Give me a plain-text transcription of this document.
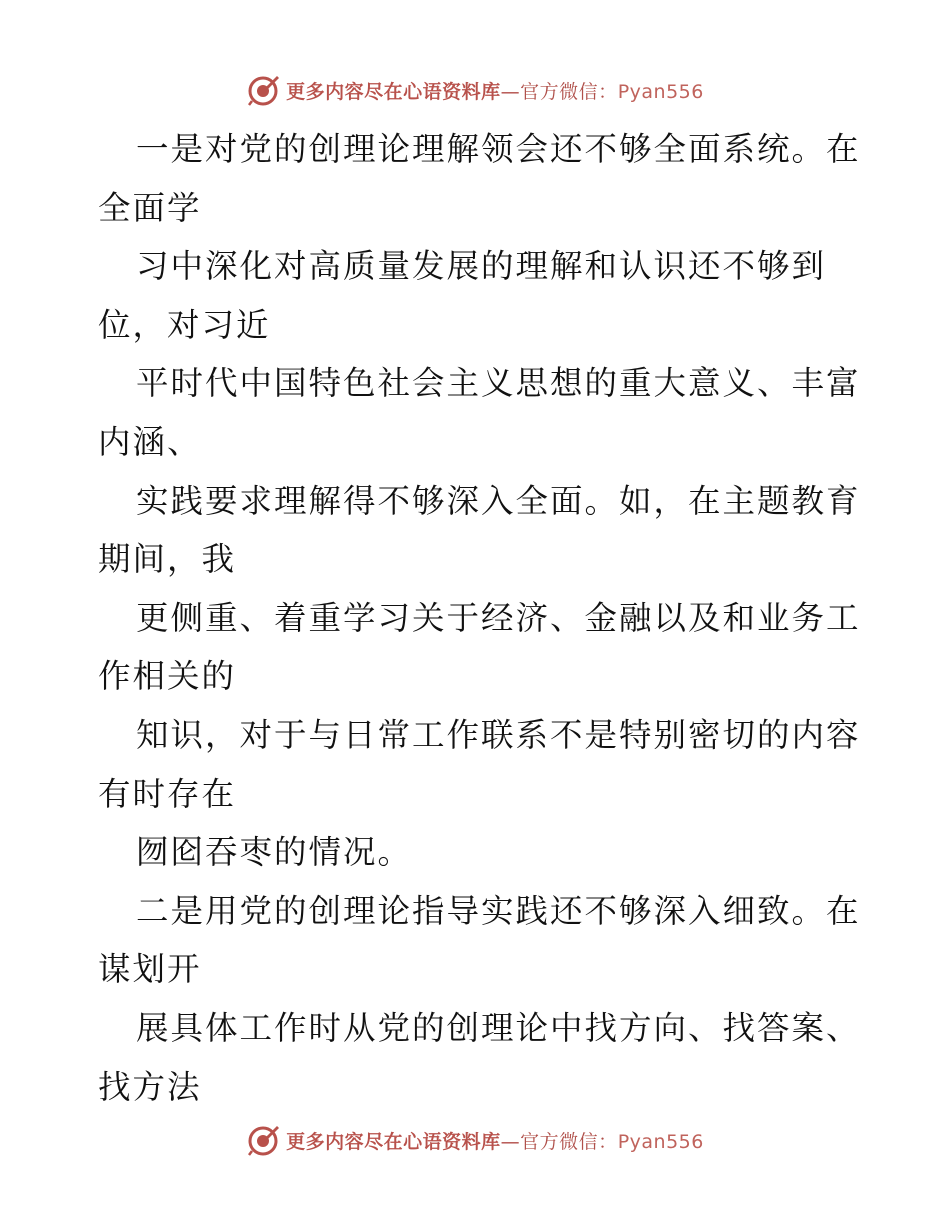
更多内容尽在心语资料库—官方微信：Pyan556
一是对党的创理论理解领会还不够全面系统。在
全面学
习中深化对高质量发展的理解和认识还不够到
位，对习近
平时代中国特色社会主义思想的重大意义、丰富
内涵、
实践要求理解得不够深入全面。如，在主题教育
期间，我
更侧重、着重学习关于经济、金融以及和业务工
作相关的
知识，对于与日常工作联系不是特别密切的内容
有时存在
囫囵吞枣的情况。
二是用党的创理论指导实践还不够深入细致。在
谋划开
展具体工作时从党的创理论中找方向、找答案、
找方法
更多内容尽在心语资料库—官方微信：Pyan556
